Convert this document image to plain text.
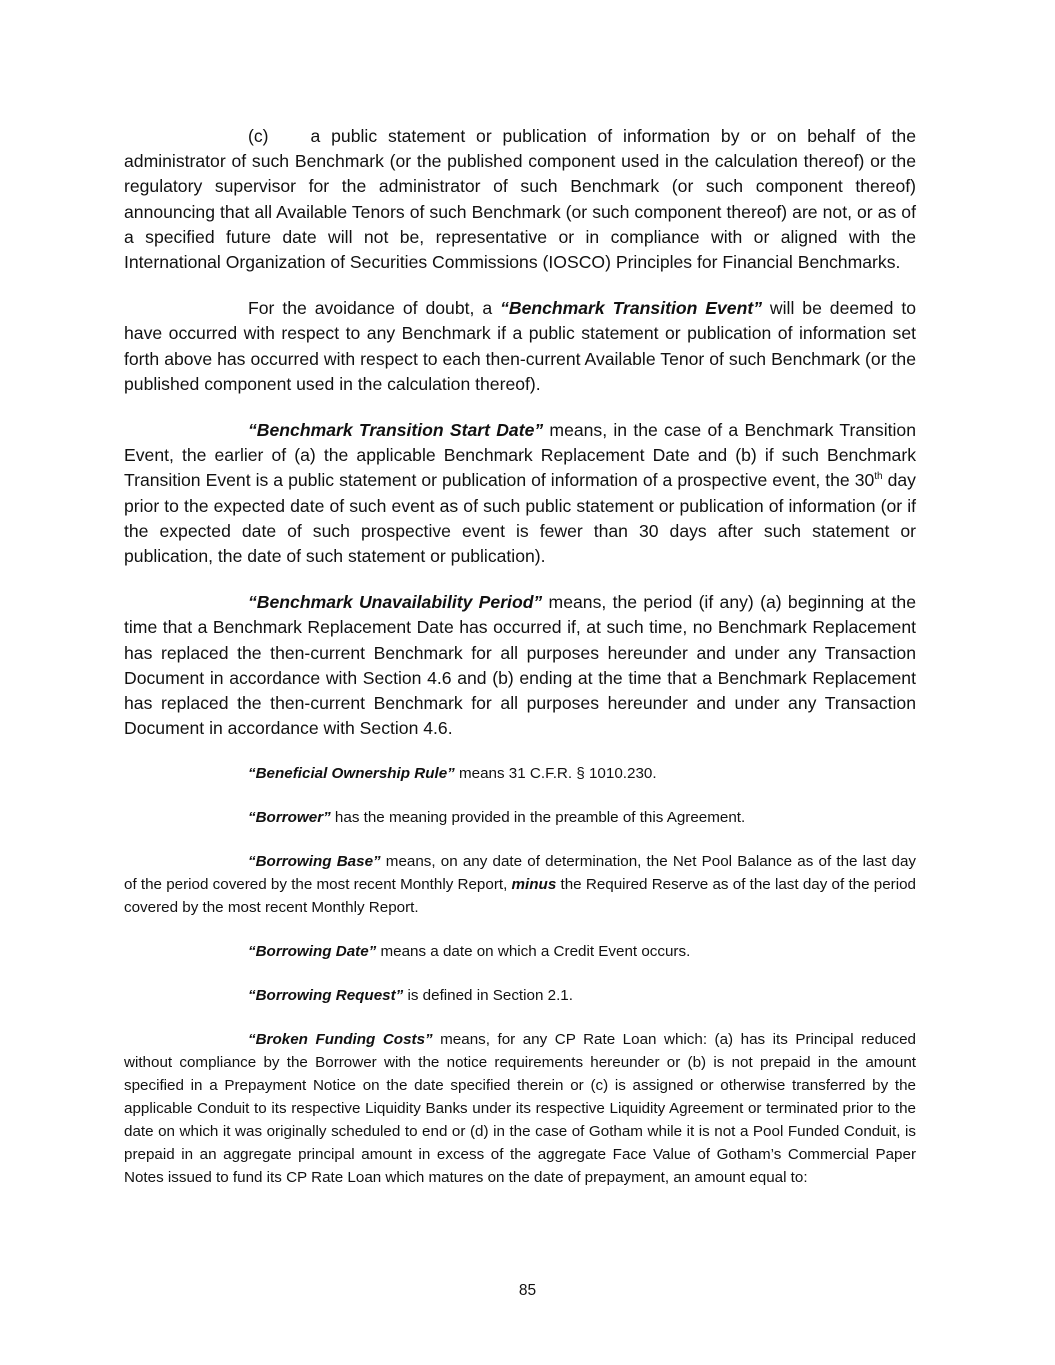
(c) a public statement or publication of information by or on behalf of the administrator of such Benchmark (or the published component used in the calculation thereof) or the regulatory supervisor for the administrator of such Benchmark (or such component thereof) announcing that all Available Tenors of such Benchmark (or such component thereof) are not, or as of a specified future date will not be, representative or in compliance with or aligned with the International Organization of Securities Commissions (IOSCO) Principles for Financial Benchmarks.

For the avoidance of doubt, a “Benchmark Transition Event” will be deemed to have occurred with respect to any Benchmark if a public statement or publication of information set forth above has occurred with respect to each then-current Available Tenor of such Benchmark (or the published component used in the calculation thereof).

“Benchmark Transition Start Date” means, in the case of a Benchmark Transition Event, the earlier of (a) the applicable Benchmark Replacement Date and (b) if such Benchmark Transition Event is a public statement or publication of information of a prospective event, the 30th day prior to the expected date of such event as of such public statement or publication of information (or if the expected date of such prospective event is fewer than 30 days after such statement or publication, the date of such statement or publication).

“Benchmark Unavailability Period” means, the period (if any) (a) beginning at the time that a Benchmark Replacement Date has occurred if, at such time, no Benchmark Replacement has replaced the then-current Benchmark for all purposes hereunder and under any Transaction Document in accordance with Section 4.6 and (b) ending at the time that a Benchmark Replacement has replaced the then-current Benchmark for all purposes hereunder and under any Transaction Document in accordance with Section 4.6.

“Beneficial Ownership Rule” means 31 C.F.R. § 1010.230.

“Borrower” has the meaning provided in the preamble of this Agreement.

“Borrowing Base” means, on any date of determination, the Net Pool Balance as of the last day of the period covered by the most recent Monthly Report, minus the Required Reserve as of the last day of the period covered by the most recent Monthly Report.

“Borrowing Date” means a date on which a Credit Event occurs.

“Borrowing Request” is defined in Section 2.1.

“Broken Funding Costs” means, for any CP Rate Loan which: (a) has its Principal reduced without compliance by the Borrower with the notice requirements hereunder or (b) is not prepaid in the amount specified in a Prepayment Notice on the date specified therein or (c) is assigned or otherwise transferred by the applicable Conduit to its respective Liquidity Banks under its respective Liquidity Agreement or terminated prior to the date on which it was originally scheduled to end or (d) in the case of Gotham while it is not a Pool Funded Conduit, is prepaid in an aggregate principal amount in excess of the aggregate Face Value of Gotham’s Commercial Paper Notes issued to fund its CP Rate Loan which matures on the date of prepayment, an amount equal to:

85
